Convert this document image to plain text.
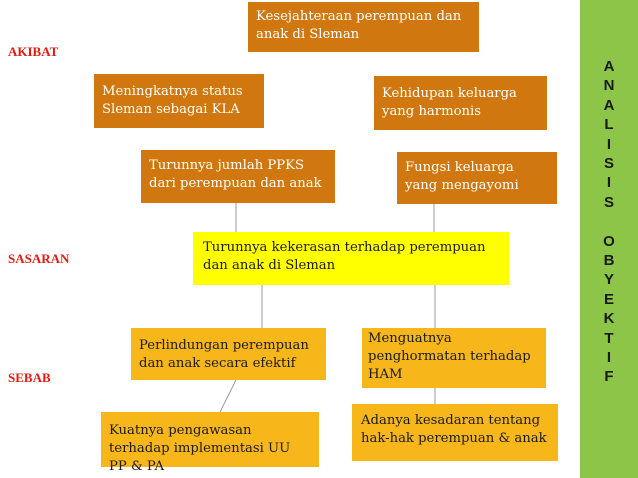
AKIBAT
SASARAN
SEBAB
Kesejahteraan perempuan dan anak di Sleman
Meningkatnya status Sleman sebagai KLA
Kehidupan keluarga yang harmonis
Turunnya jumlah PPKS dari perempuan dan anak
Fungsi keluarga yang mengayomi
Turunnya kekerasan terhadap perempuan dan anak di Sleman
Perlindungan perempuan dan anak secara efektif
Menguatnya penghormatan terhadap HAM
Kuatnya pengawasan terhadap implementasi UU PP & PA
Adanya kesadaran tentang hak-hak perempuan & anak
A
N
A
L
I
S
I
S
O
B
Y
E
K
T
I
F
